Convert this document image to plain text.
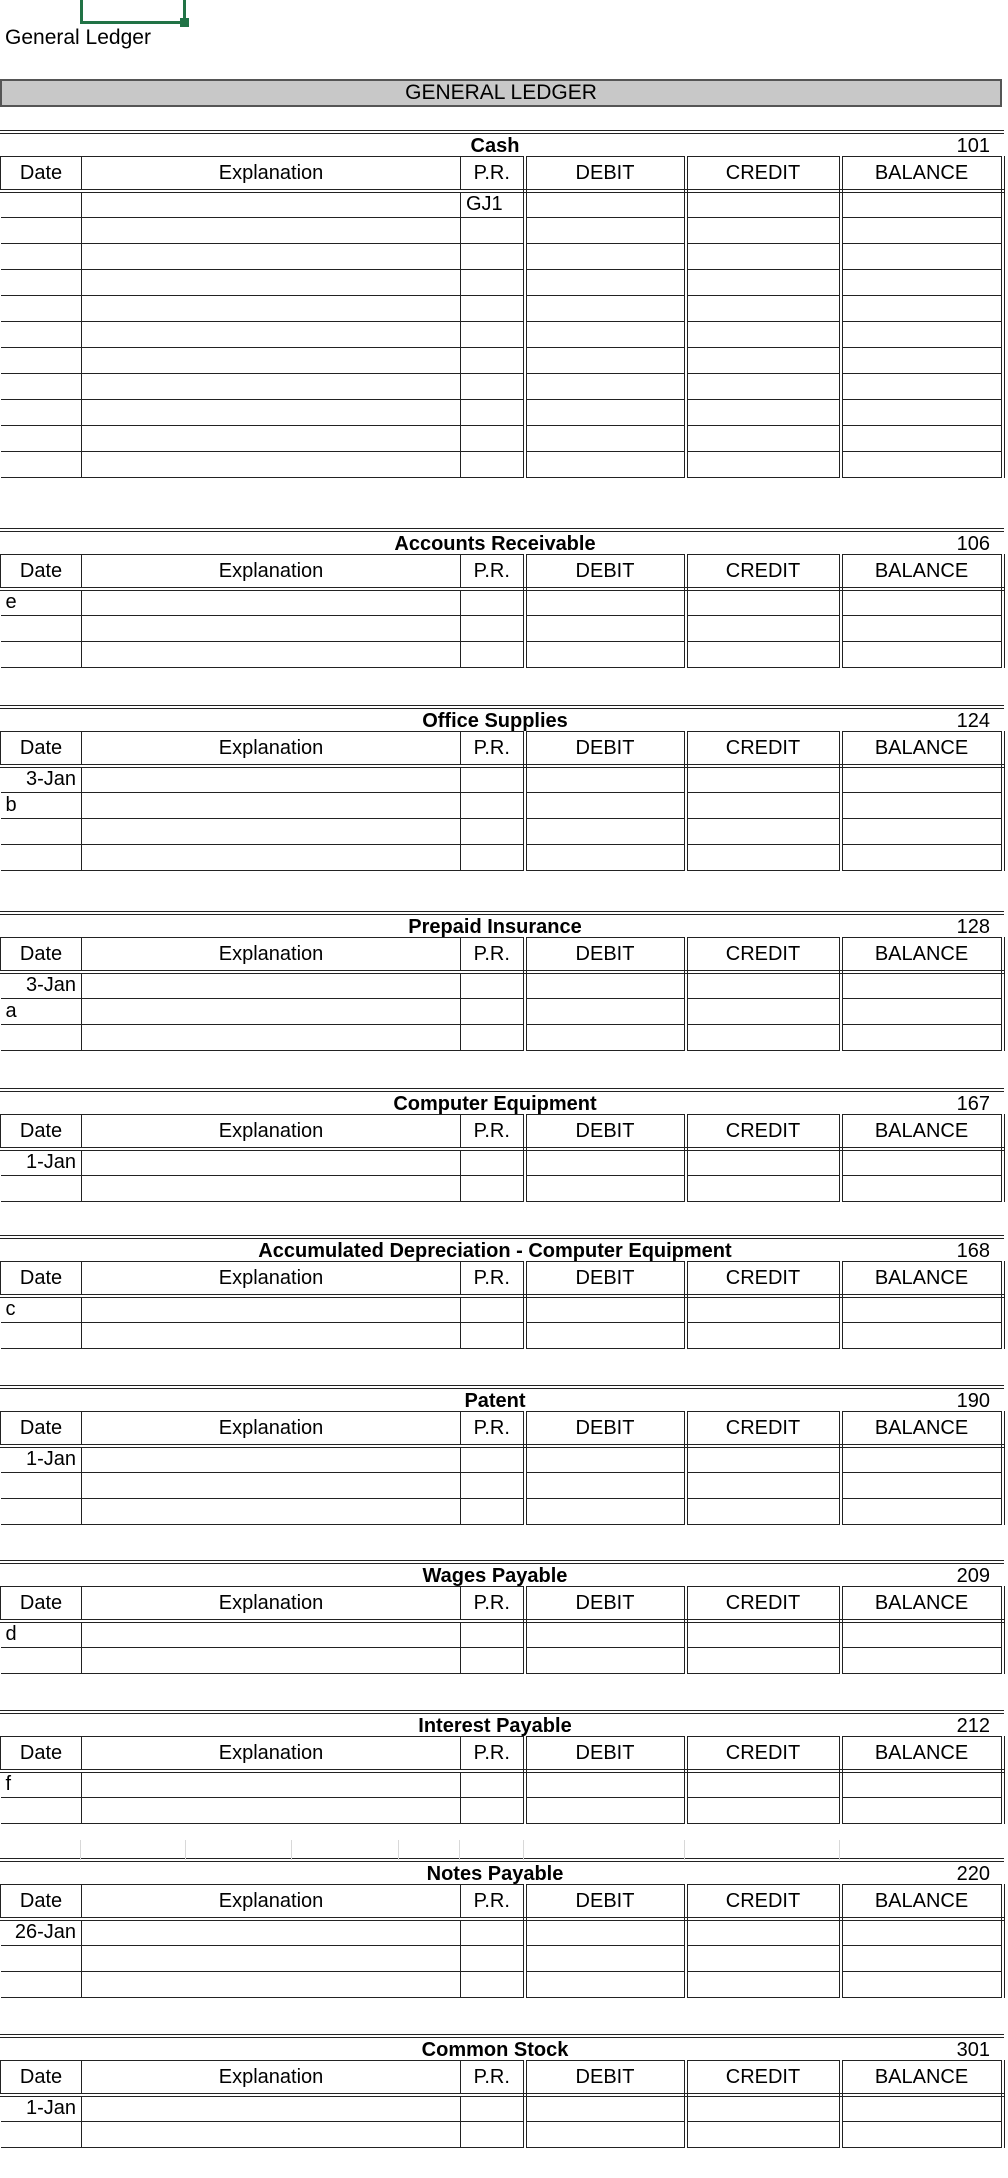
General Ledger
GENERAL LEDGER
Cash	101
Date	Explanation	P.R.	DEBIT	CREDIT	BALANCE
		GJ1			

Accounts Receivable	106
Date	Explanation	P.R.	DEBIT	CREDIT	BALANCE
e					

Office Supplies	124
Date	Explanation	P.R.	DEBIT	CREDIT	BALANCE
3-Jan					
b					

Prepaid Insurance	128
Date	Explanation	P.R.	DEBIT	CREDIT	BALANCE
3-Jan					
a					

Computer Equipment	167
Date	Explanation	P.R.	DEBIT	CREDIT	BALANCE
1-Jan					

Accumulated Depreciation - Computer Equipment	168
Date	Explanation	P.R.	DEBIT	CREDIT	BALANCE
c					

Patent	190
Date	Explanation	P.R.	DEBIT	CREDIT	BALANCE
1-Jan					

Wages Payable	209
Date	Explanation	P.R.	DEBIT	CREDIT	BALANCE
d					

Interest Payable	212
Date	Explanation	P.R.	DEBIT	CREDIT	BALANCE
f					

Notes Payable	220
Date	Explanation	P.R.	DEBIT	CREDIT	BALANCE
26-Jan					

Common Stock	301
Date	Explanation	P.R.	DEBIT	CREDIT	BALANCE
1-Jan					
